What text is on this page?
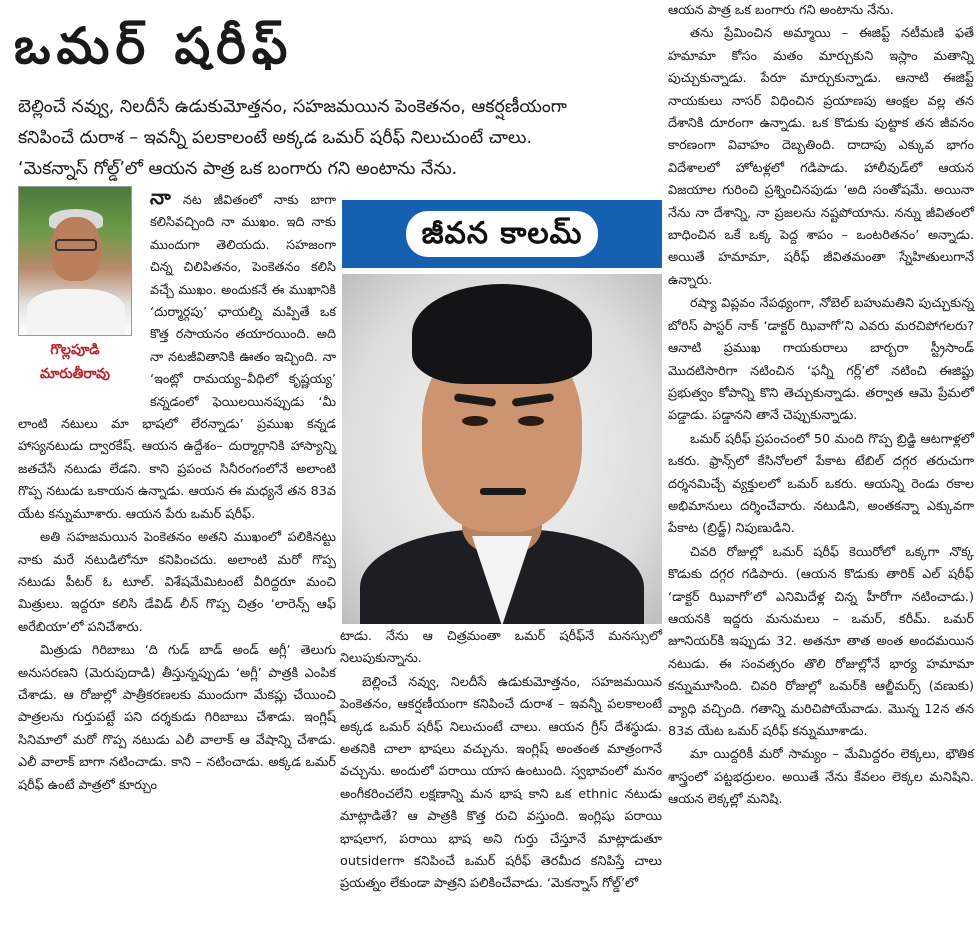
ఒమర్ షరీఫ్

బెల్లించే నవ్వు, నిలదీసే ఉడుకుమోత్తనం, సహజమయిన పెంకెతనం, ఆకర్షణీయంగా

కనిపించే దురాశ – ఇవన్నీ పలకాలంటే అక్కడ ఒమర్ షరీఫ్ నిలుచుంటే చాలు.

‘మెకన్నాస్ గోల్డ్’లో ఆయన పాత్ర ఒక బంగారు గని అంటాను నేను.

గొల్లపూడి
మారుతీరావు

నా నట జీవితంలో నాకు బాగా కలిసివచ్చింది నా ముఖం. ఇది నాకు ముందుగా తెలియదు. సహజంగా చిన్న చిలిపితనం, పెంకెతనం కలిసి వచ్చే ముఖం. అందుకనే ఈ ముఖానికి ‘దుర్మార్గపు’ ఛాయల్ని మప్పితే ఒక కొత్త రసాయనం తయారయింది. అది నా నటజీవితానికి ఊతం ఇచ్చింది. నా ‘ఇంట్లో రామయ్య–వీధిలో కృష్ణయ్య’ కన్నడంలో ఫెయిలయినప్పుడు ‘మీ లాంటి నటులు మా భాషలో లేరన్నాడు’ ప్రముఖ కన్నడ హాస్యనటుడు ద్వారకేష్. ఆయన ఉద్దేశం– దుర్మార్గానికి హాస్యాన్ని జతచేసే నటుడు లేడని. కాని ప్రపంచ సినీరంగంలోనే అలాంటి గొప్ప నటుడు ఒకాయన ఉన్నాడు. ఆయన ఈ మధ్యనే తన 83వ యేట కన్నుమూశారు. ఆయన పేరు ఒమర్ షరీఫ్.

అతి సహజమయిన పెంకెతనం అతని ముఖంలో పలికినట్టు నాకు మరే నటుడిలోనూ కనిపించదు. అలాంటి మరో గొప్ప నటుడు పీటర్ ఓ టూల్. విశేషమేమిటంటే వీరిద్దరూ మంచి మిత్రులు. ఇద్దరూ కలిసి డేవిడ్ లీన్ గొప్ప చిత్రం ‘లారెన్స్ ఆఫ్ అరేబియా’లో పనిచేశారు.

మిత్రుడు గిరిబాబు ‘ది గుడ్ బాడ్ అండ్ అగ్లీ’ తెలుగు అనుసరణని (మెరుపుదాడి) తీస్తున్నప్పుడు ‘అగ్లీ’ పాత్రకి ఎంపిక చేశాడు. ఆ రోజుల్లో పాత్రీకరణలకు ముందుగా మేకప్లు చేయించి పాత్రలను గుర్తుపట్టే పని దర్శకుడు గిరిబాబు చేశాడు. ఇంగ్లిష్ సినిమాలో మరో గొప్ప నటుడు ఎలీ వాలాక్ ఆ వేషాన్ని చేశాడు. ఎలీ వాలాక్ బాగా నటించాడు. కాని – నటించాడు. అక్కడ ఒమర్ షరీఫ్ ఉంటే పాత్రలో కూర్చుం

జీవన కాలమ్

టాడు. నేను ఆ చిత్రమంతా ఒమర్ షరీఫ్‌నే మనస్సులో నిలుపుకున్నాను.

బెల్లించే నవ్వు, నిలదీసే ఉడుకుమోత్తనం, సహజమయిన పెంకెతనం, ఆకర్షణీయంగా కనిపించే దురాశ – ఇవన్నీ పలకాలంటే అక్కడ ఒమర్ షరీఫ్ నిలుచుంటే చాలు. ఆయన గ్రీస్ దేశస్థుడు. అతనికి చాలా భాషలు వచ్చును. ఇంగ్లిష్ అంతంత మాత్రంగానే వచ్చును. అందులో పరాయి యాస ఉంటుంది. స్వభావంలో మనం అంగీకరించలేని లక్షణాన్ని మన భాష కాని ఒక ethnic నటుడు మాట్లాడితే? ఆ పాత్రకి కొత్త రుచి వస్తుంది. ఇంగ్లిషు పరాయి భాషలాగ, పరాయి భాష అని గుర్తు చేస్తూనే మాట్లాడుతూ outsiderగా కనిపించే ఒమర్ షరీఫ్ తెరమీద కనిపిస్తే చాలు ప్రయత్నం లేకుండా పాత్రని పలికించేవాడు. ‘మెకన్నాస్ గోల్డ్’లో

ఆయన పాత్ర ఒక బంగారు గని అంటాను నేను.

తను ప్రేమించిన అమ్మాయి – ఈజిప్ట్ నటీమణి ఫతే హమామా కోసం మతం మార్చుకుని ఇస్లాం మతాన్ని పుచ్చుకున్నాడు. పేరూ మార్చుకున్నాడు. ఆనాటి ఈజిప్ట్ నాయకులు నాసర్ విధించిన ప్రయాణపు ఆంక్షల వల్ల తన దేశానికి దూరంగా ఉన్నాడు. ఒక కొడుకు పుట్టాక తన జీవనం కారణంగా వివాహం దెబ్బతింది. దాదాపు ఎక్కువ భాగం విదేశాలలో హోటళ్లలో గడిపాడు. హాలీవుడ్‌లో ఆయన విజయాల గురించి ప్రశ్నించినపుడు ‘అది సంతోషమే. అయినా నేను నా దేశాన్ని, నా ప్రజలను నష్టపోయాను. నన్ను జీవితంలో బాధించిన ఒకే ఒక్క పెద్ద శాపం – ఒంటరితనం’ అన్నాడు. అయితే హమామా, షరీఫ్ జీవితమంతా స్నేహితులుగానే ఉన్నారు.

రష్యా విప్లవం నేపథ్యంగా, నోబెల్ బహుమతిని పుచ్చుకున్న బోరిస్ పాస్టర్ నాక్ ‘డాక్టర్ ఝివాగో’ని ఎవరు మరచిపోగలరు? ఆనాటి ప్రముఖ గాయకురాలు బార్బరా స్ట్రీసాండ్ మొదటిసారిగా నటించిన ‘ఫన్నీ గర్ల్’లో నటించి ఈజిప్టు ప్రభుత్వం కోపాన్ని కొని తెచ్చుకున్నాడు. తర్వాత ఆమె ప్రేమలో పడ్డాడు. పడ్డానని తానే చెప్పుకున్నాడు.

ఒమర్ షరీఫ్ ప్రపంచంలో 50 మంది గొప్ప బ్రిడ్జి ఆటగాళ్లలో ఒకరు. ఫ్రాన్స్‌లో కేసినోలలో పేకాట టేబిల్ దగ్గర తరుచుగా దర్శనమిచ్చే వ్యక్తులలో ఒమర్ ఒకరు. ఆయన్ని రెండు రకాల అభిమానులు దర్శించేవారు. నటుడిని, అంతకన్నా ఎక్కువగా పేకాట (బ్రిడ్జ్) నిపుణుడిని.

చివరి రోజుల్లో ఒమర్ షరీఫ్ కెయిరోలో ఒక్కగా నొక్క కొడుకు దగ్గర గడిపారు. (ఆయన కొడుకు తారిక్ ఎల్ షరీఫ్ ‘డాక్టర్ ఝివాగో’లో ఎనిమిదేళ్ల చిన్న హీరోగా నటించాడు.) ఆయనకి ఇద్దరు మనుమలు – ఒమర్, కరీమ్. ఒమర్ జూనియర్‌కి ఇప్పుడు 32. అతనూ తాత అంత అందమయిన నటుడు. ఈ సంవత్సరం తొలి రోజుల్లోనే భార్య హమామా కన్నుమూసింది. చివరి రోజుల్లో ఒమర్‌కి ఆల్జీమర్స్ (వణుకు) వ్యాధి వచ్చింది. గతాన్ని మరిచిపోయేవాడు. మొన్న 12న తన 83వ యేట ఒమర్ షరీఫ్ కన్నుమూశాడు.

మా యిద్దరికీ మరో సామ్యం – మేమిద్దరం లెక్కలు, భౌతిక శాస్త్రంలో పట్టభద్రులం. అయితే నేను కేవలం లెక్కల మనిషిని. ఆయన లెక్కల్లో మనిషి.
